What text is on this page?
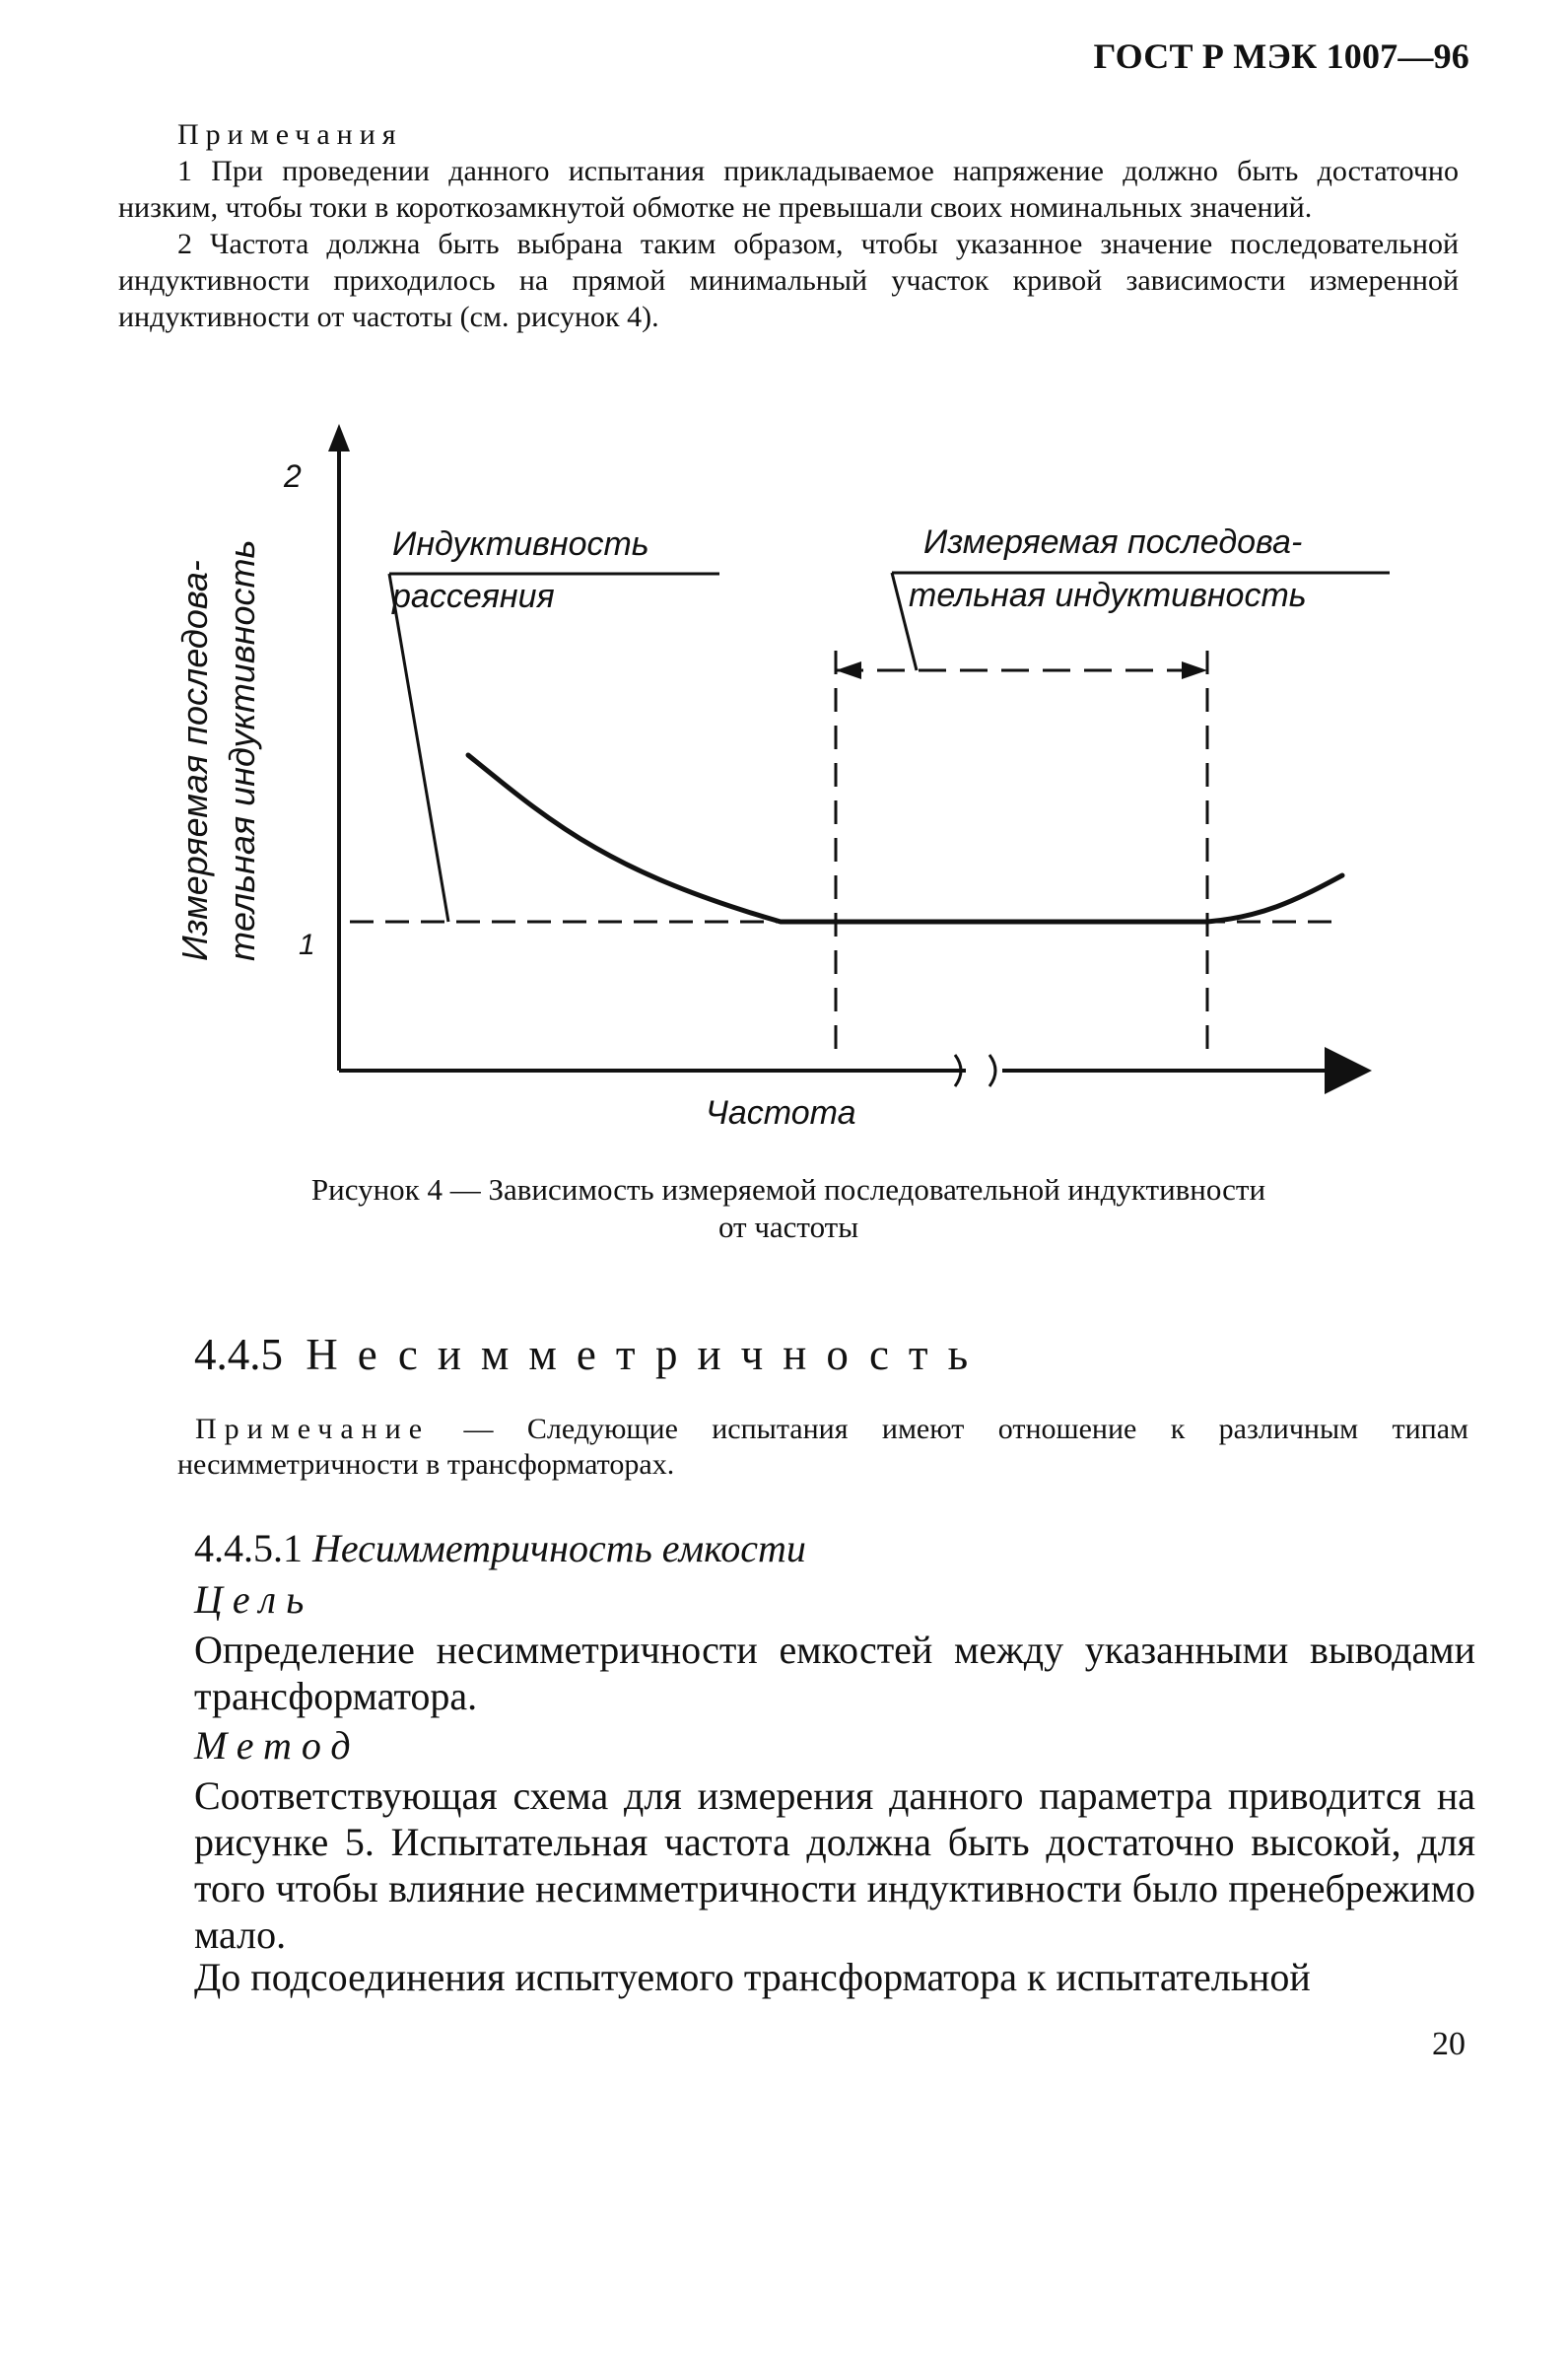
ГОСТ Р МЭК 1007—96
Примечания

1 При проведении данного испытания прикладываемое напряжение должно быть достаточно низким, чтобы токи в короткозамкнутой обмотке не превышали своих номинальных значений.

2 Частота должна быть выбрана таким образом, чтобы указанное значение последовательной индуктивности приходилось на прямой минимальный участок кривой зависимости измеренной индуктивности от частоты (см. рисунок 4).

2
1
Измеряемая последова- тельная индуктивность	Индуктивность
рассеяния
Измеряемая последова-
тельная индуктивность
Частота
Рисунок 4 — Зависимость измеряемой последовательной индуктивности
от частоты
4.4.5 Несимметричность

Примечание — Следующие испытания имеют отношение к различным типам несимметричности в трансформаторах.

4.4.5.1 Несимметричность емкости
Цель
Определение несимметричности емкостей между указанными выводами трансформатора.
Метод
Соответствующая схема для измерения данного параметра приводится на рисунке 5. Испытательная частота должна быть достаточно высокой, для того чтобы влияние несимметричности индуктивности было пренебрежимо мало.
До подсоединения испытуемого трансформатора к испытательной
20
